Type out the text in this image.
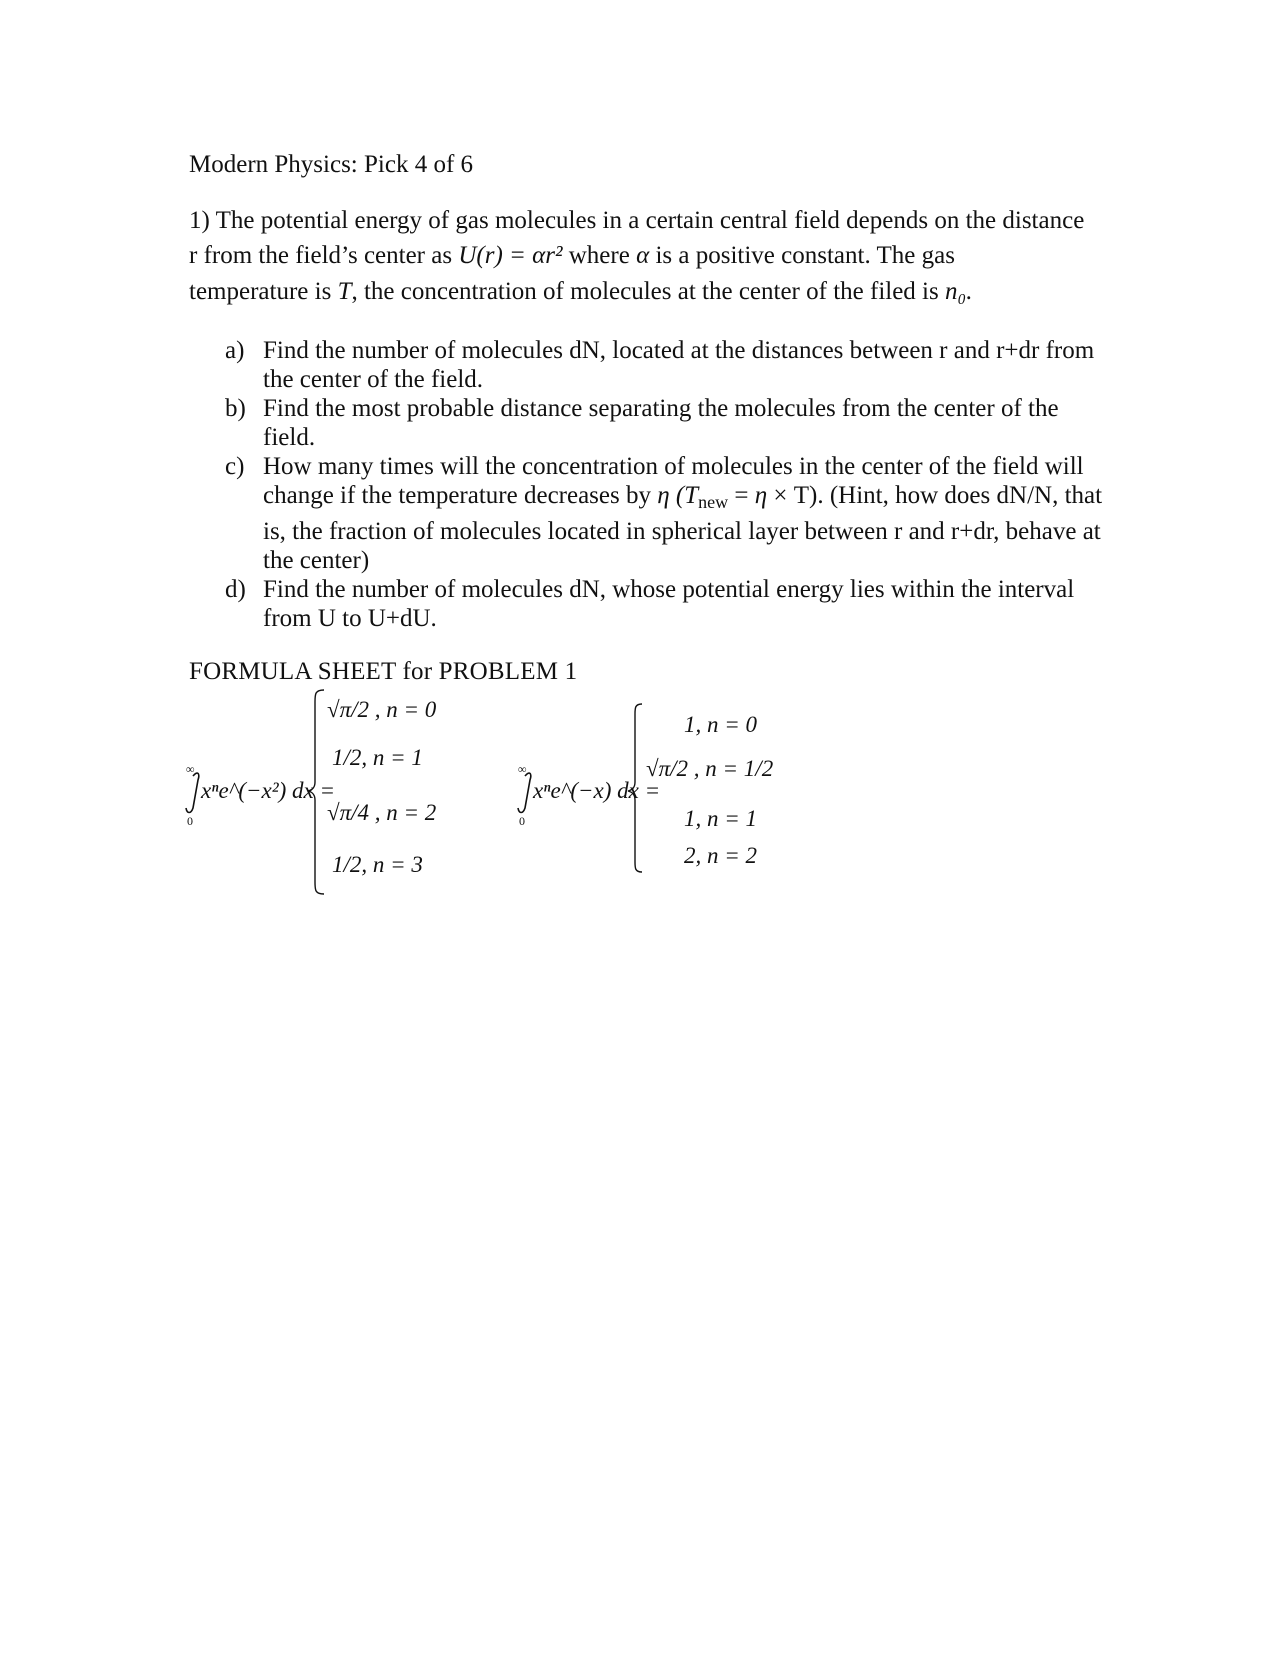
Modern Physics: Pick 4 of 6
1) The potential energy of gas molecules in a certain central field depends on the distance
r from the field’s center as U(r) = αr² where α is a positive constant. The gas
temperature is T, the concentration of molecules at the center of the filed is n₀.
a) Find the number of molecules dN, located at the distances between r and r+dr from the center of the field.
b) Find the most probable distance separating the molecules from the center of the field.
c) How many times will the concentration of molecules in the center of the field will change if the temperature decreases by η $(T_{new} = \eta \times T)$. (Hint, how does dN/N, that is, the fraction of molecules located in spherical layer between r and r+dr, behave at the center)
d) Find the number of molecules dN, whose potential energy lies within the interval from U to U+dU.
FORMULA SHEET for PROBLEM 1
∞
0
xⁿe^(−x²) dx =
√π/2 , n = 0
1/2, n = 1
√π/4 , n = 2
1/2, n = 3
∞
0
xⁿe^(−x) dx =
1, n = 0
√π/2 , n = 1/2
1, n = 1
2, n = 2
